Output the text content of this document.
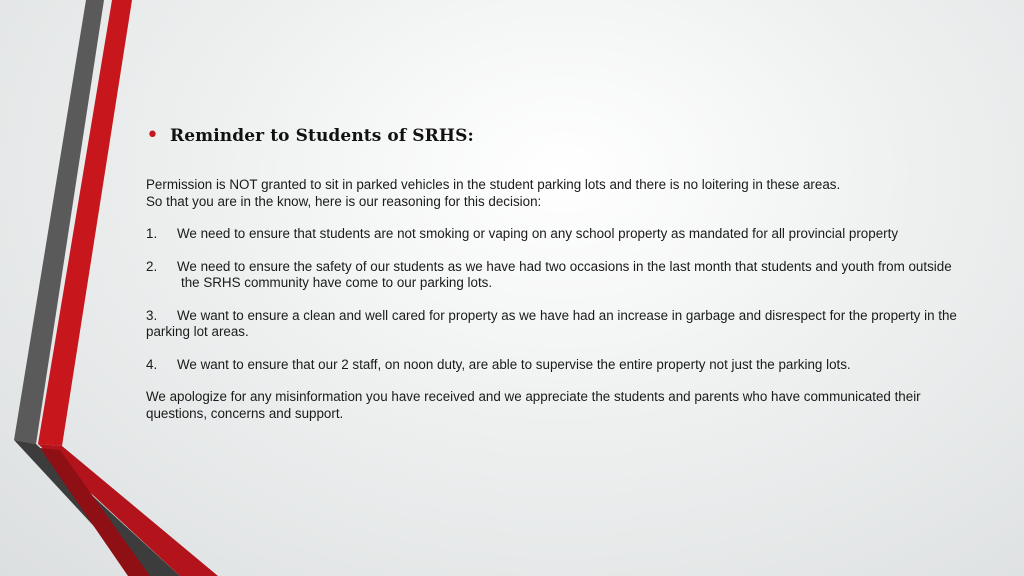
• Reminder to Students of SRHS:

Permission is NOT granted to sit in parked vehicles in the student parking lots and there is no loitering in these areas.
So that you are in the know, here is our reasoning for this decision:

1. We need to ensure that students are not smoking or vaping on any school property as mandated for all provincial property

2. We need to ensure the safety of our students as we have had two occasions in the last month that students and youth from outside
the SRHS community have come to our parking lots.

3. We want to ensure a clean and well cared for property as we have had an increase in garbage and disrespect for the property in the parking lot areas.

4. We want to ensure that our 2 staff, on noon duty, are able to supervise the entire property not just the parking lots.

We apologize for any misinformation you have received and we appreciate the students and parents who have communicated their questions, concerns and support.
